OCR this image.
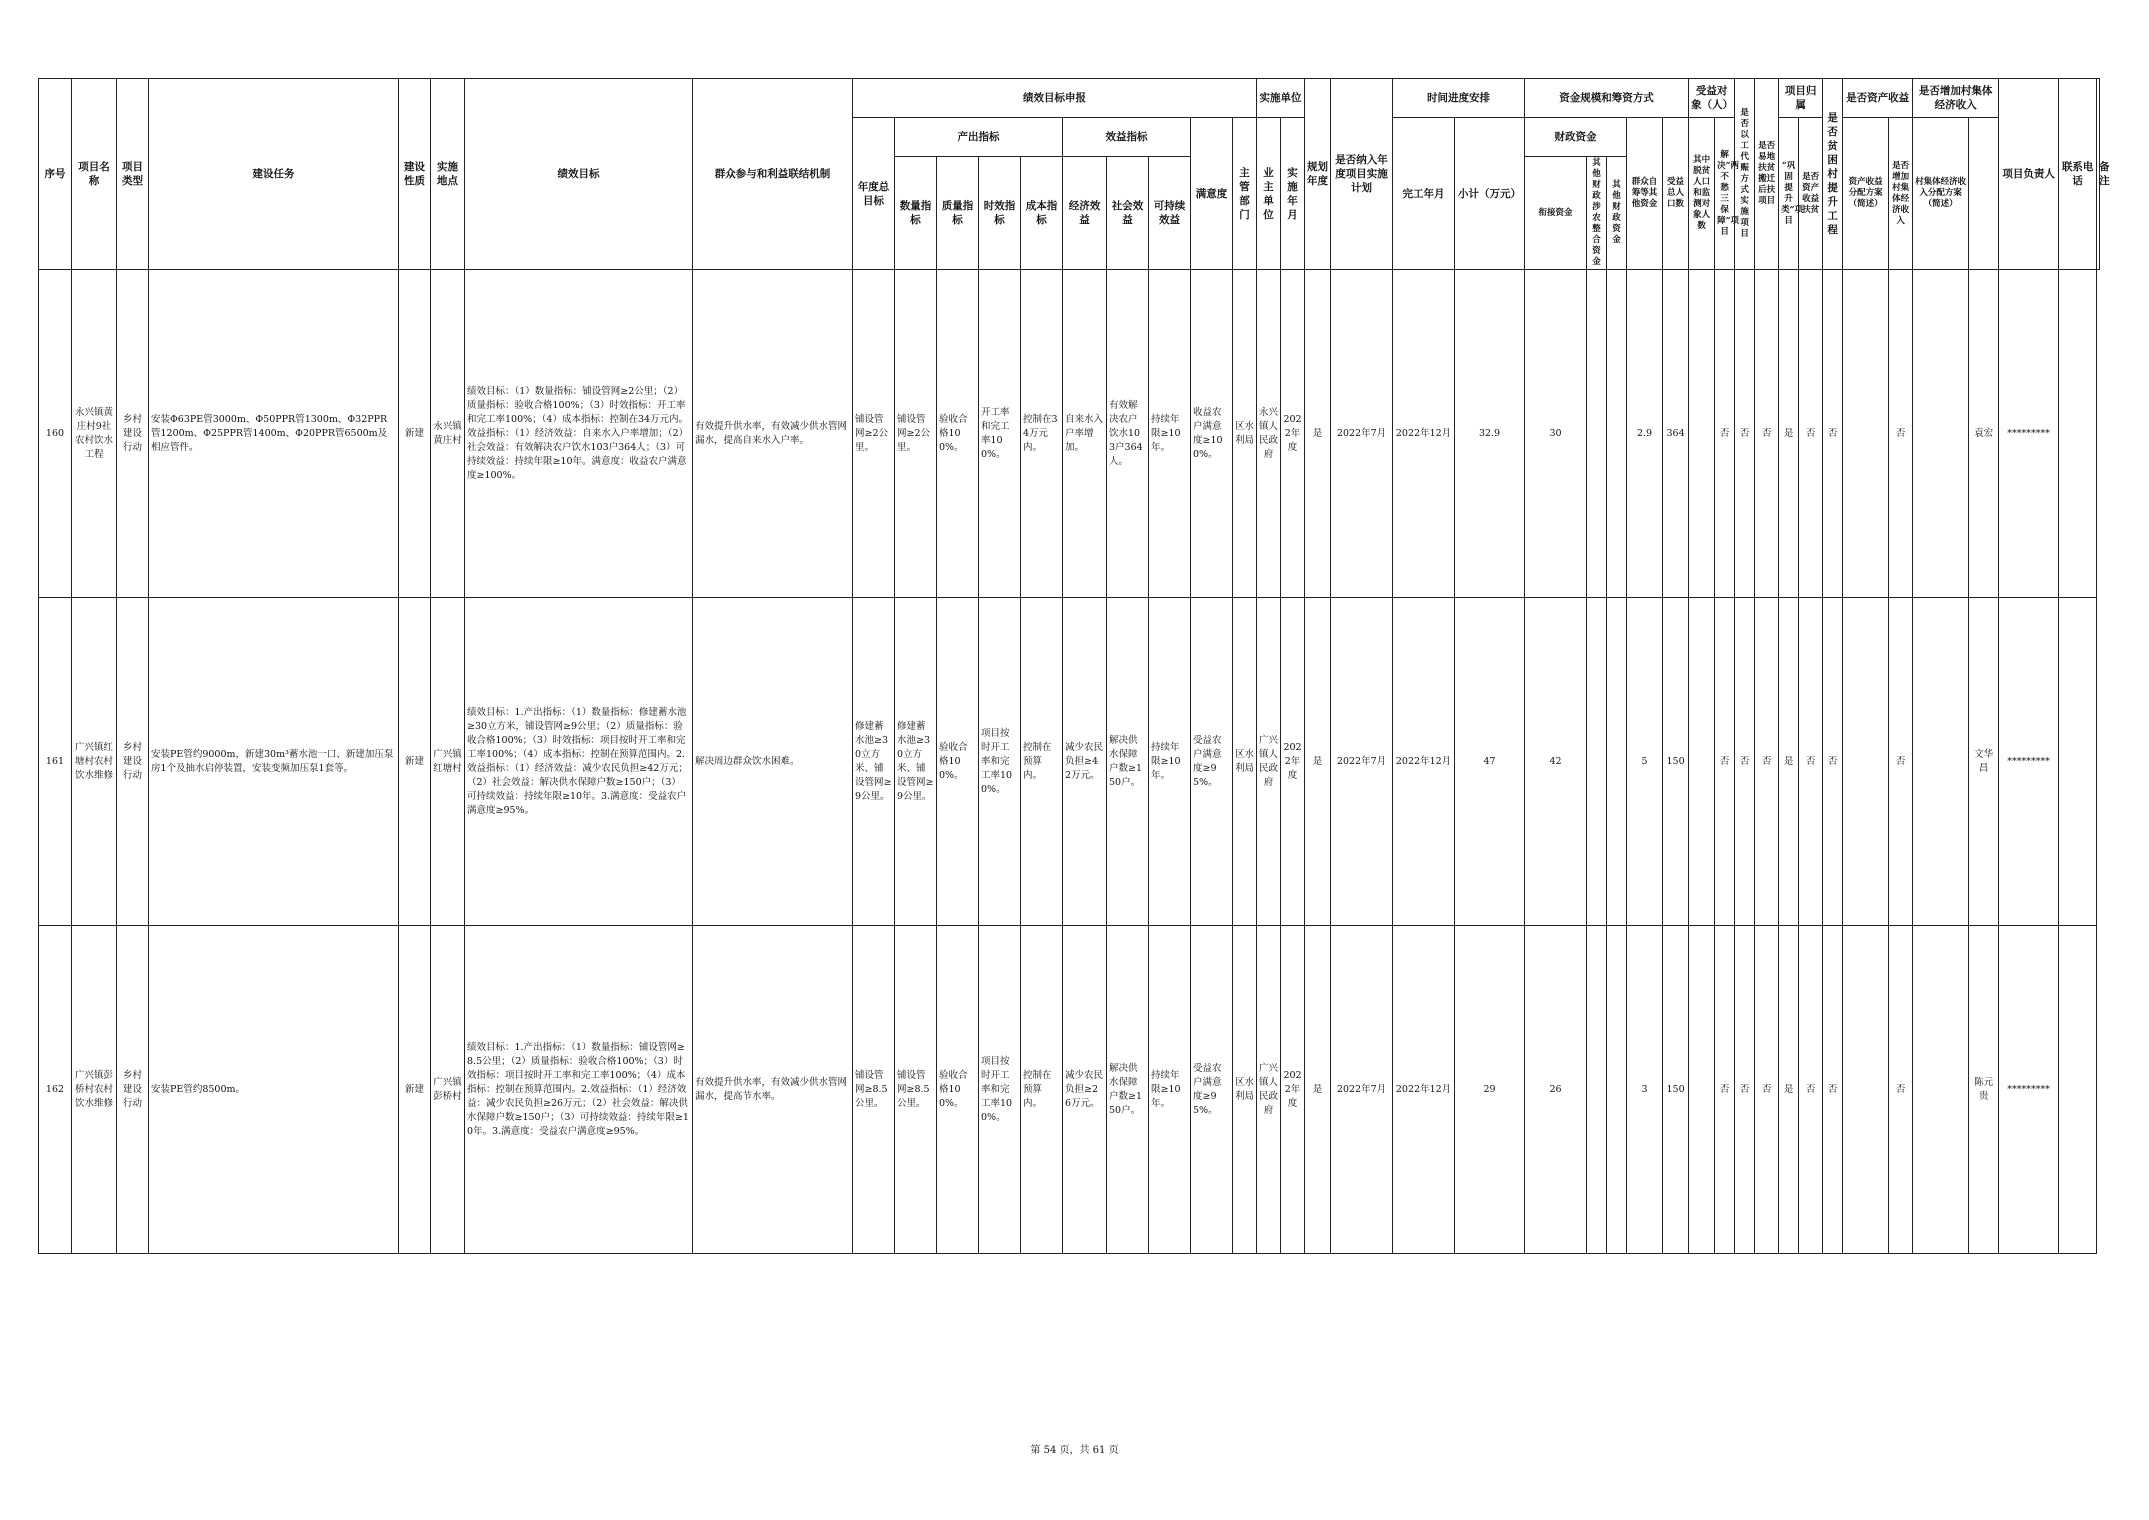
序号	项目名称	项目类型	建设任务	建设性质	实施地点	绩效目标	群众参与和利益联结机制	绩效目标申报										实施单位		规划年度	是否纳入年度项目实施计划	时间进度安排		资金规模和筹资方式					受益对象（人）		是否以工代赈方式实施项目	是否易地扶贫搬迁后扶项目	项目归属		是否贫困村提升工程	是否资产收益		是否增加村集体经济收入		项目负责人	联系电话	备注
								年度总目标	产出指标				效益指标			满意度	主管部门	业主单位	实施年月			完工年月	小计（万元）	财政资金			群众自筹等其他资金	受益总人口数	其中脱贫人口和监测对象人数	解决“两不愁三保障”项目			“巩固提升类”项目	是否资产收益扶贫		资产收益分配方案（简述）	是否增加村集体经济收入	村集体经济收入分配方案（简述）				
									数量指标	质量指标	时效指标	成本指标	经济效益	社会效益	可持续效益									衔接资金	其他财政涉农整合资金	其他财政资金																
160	永兴镇黄庄村9社农村饮水工程	乡村建设行动	安装Φ63PE管3000m、Φ50PPR管1300m、Φ32PPR管1200m、Φ25PPR管1400m、Φ20PPR管6500m及相应管件。	新建	永兴镇黄庄村	绩效目标：（1）数量指标：铺设管网≥2公里；（2）质量指标：验收合格100%；（3）时效指标：开工率和完工率100%；（4）成本指标：控制在34万元内。效益指标：（1）经济效益：自来水入户率增加；（2）社会效益：有效解决农户饮水103户364人；（3）可持续效益：持续年限≥10年。满意度：收益农户满意度≥100%。	有效提升供水率，有效减少供水管网漏水，提高自来水入户率。	铺设管网≥2公里。	铺设管网≥2公里。	验收合格100%。	开工率和完工率100%。	控制在34万元内。	自来水入户率增加。	有效解决农户饮水103户364人。	持续年限≥10年。	收益农户满意度≥100%。	区水利局	永兴镇人民政府	2022年度	是	2022年7月	2022年12月	32.9	30			2.9	364		否	否	否	是	否	否		否		袁宏	*********		
161	广兴镇红塘村农村饮水维修	乡村建设行动	安装PE管约9000m，新建30m³蓄水池一口、新建加压泵房1个及抽水启停装置，安装变频加压泵1套等。	新建	广兴镇红塘村	绩效目标：1.产出指标：（1）数量指标：修建蓄水池≥30立方米，铺设管网≥9公里；（2）质量指标：验收合格100%；（3）时效指标：项目按时开工率和完工率100%；（4）成本指标：控制在预算范围内。2.效益指标：（1）经济效益：减少农民负担≥42万元；（2）社会效益：解决供水保障户数≥150户；（3）可持续效益：持续年限≥10年。3.满意度：受益农户满意度≥95%。	解决周边群众饮水困难。	修建蓄水池≥30立方米、铺设管网≥9公里。	修建蓄水池≥30立方米、铺设管网≥9公里。	验收合格100%。	项目按时开工率和完工率100%。	控制在预算内。	减少农民负担≥42万元。	解决供水保障户数≥150户。	持续年限≥10年。	受益农户满意度≥95%。	区水利局	广兴镇人民政府	2022年度	是	2022年7月	2022年12月	47	42			5	150		否	否	否	是	否	否		否		文华昌	*********		
162	广兴镇彭桥村农村饮水维修	乡村建设行动	安装PE管约8500m。	新建	广兴镇彭桥村	绩效目标：1.产出指标：（1）数量指标：铺设管网≥8.5公里；（2）质量指标：验收合格100%；（3）时效指标：项目按时开工率和完工率100%；（4）成本指标：控制在预算范围内。2.效益指标：（1）经济效益：减少农民负担≥26万元；（2）社会效益：解决供水保障户数≥150户；（3）可持续效益：持续年限≥10年。3.满意度：受益农户满意度≥95%。	有效提升供水率，有效减少供水管网漏水，提高节水率。	铺设管网≥8.5公里。	铺设管网≥8.5公里。	验收合格100%。	项目按时开工率和完工率100%。	控制在预算内。	减少农民负担≥26万元。	解决供水保障户数≥150户。	持续年限≥10年。	受益农户满意度≥95%。	区水利局	广兴镇人民政府	2022年度	是	2022年7月	2022年12月	29	26			3	150		否	否	否	是	否	否		否		陈元贵	*********		
第 54 页，共 61 页
